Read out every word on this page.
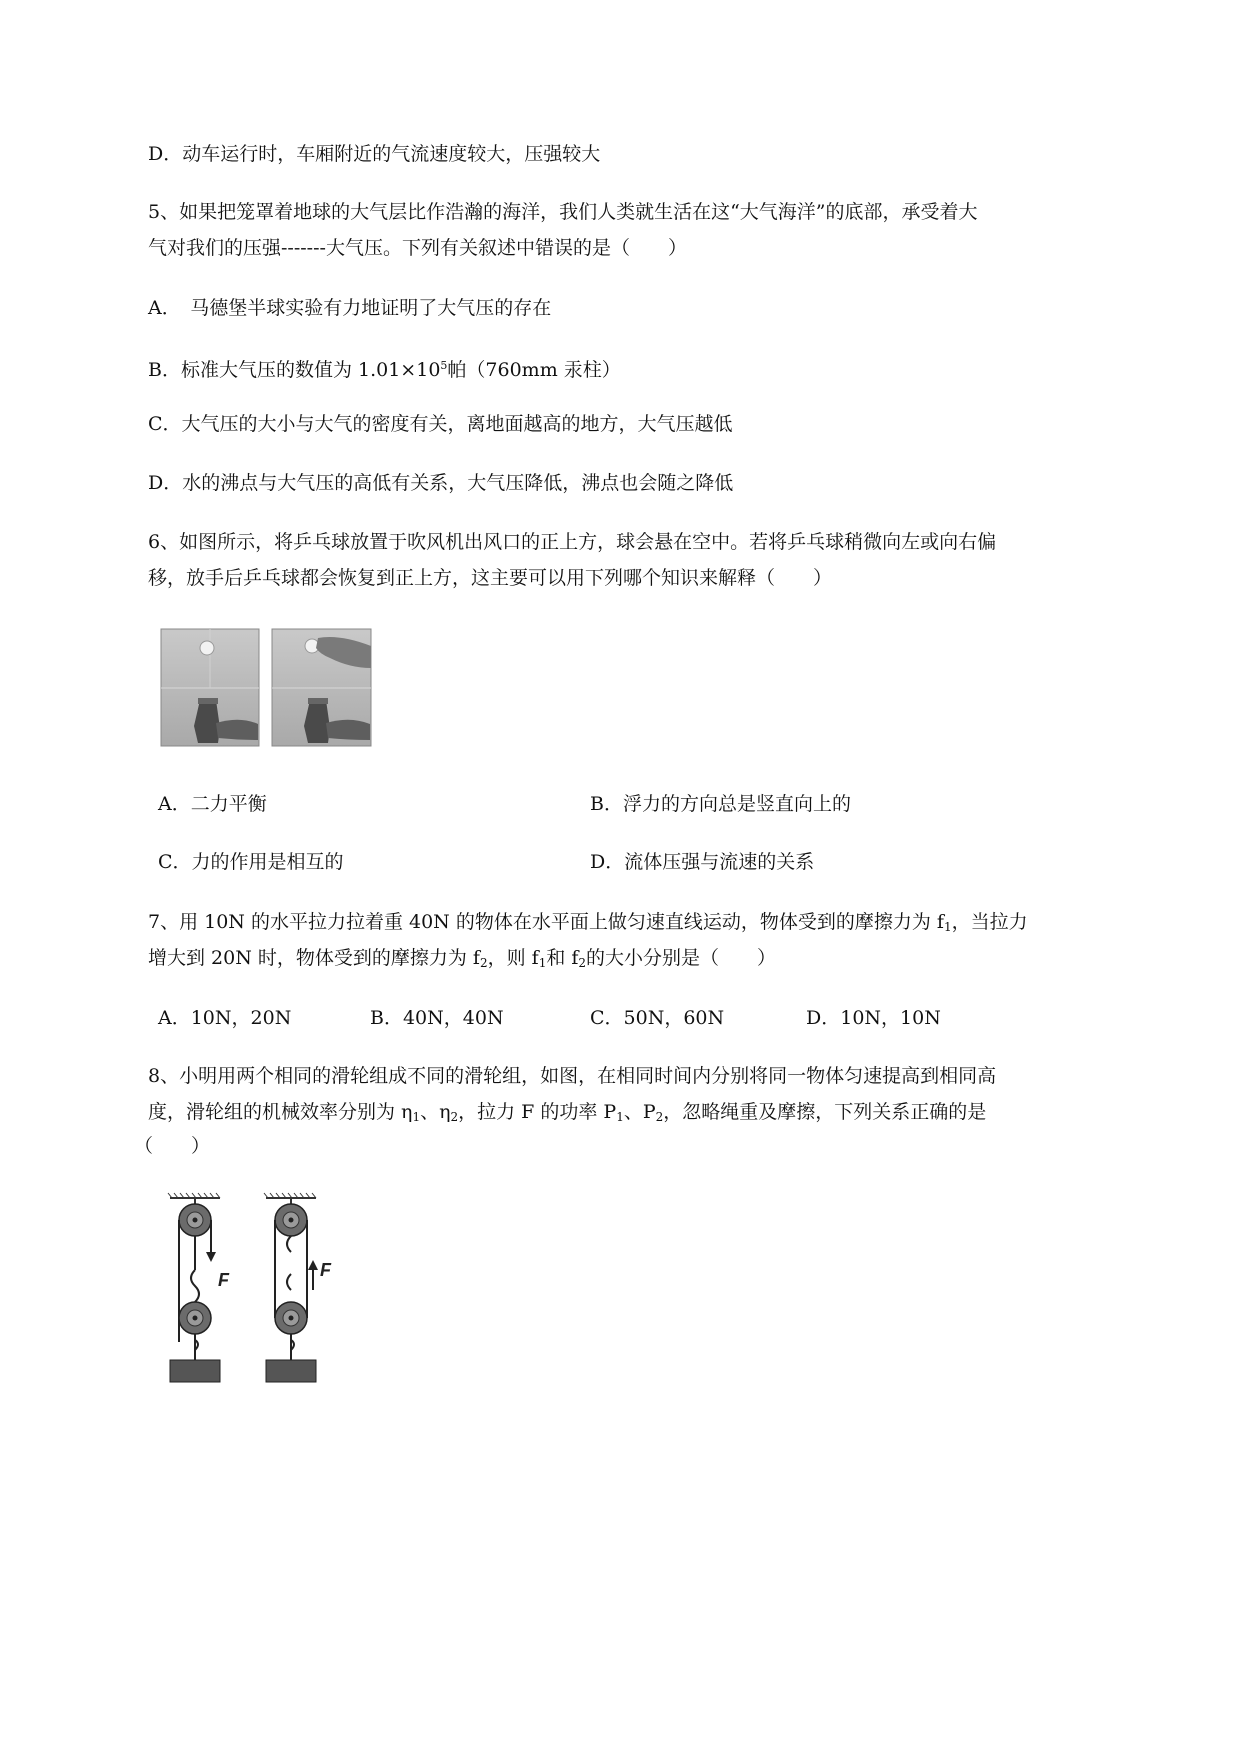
D．动车运行时，车厢附近的气流速度较大，压强较大
5、如果把笼罩着地球的大气层比作浩瀚的海洋，我们人类就生活在这“大气海洋”的底部，承受着大
气对我们的压强-------大气压。下列有关叙述中错误的是（　　）
A．　马德堡半球实验有力地证明了大气压的存在
B．标准大气压的数值为 $1.01\times 10^5$帕（760mm 汞柱）
C．大气压的大小与大气的密度有关，离地面越高的地方，大气压越低
D．水的沸点与大气压的高低有关系，大气压降低，沸点也会随之降低
6、如图所示，将乒乓球放置于吹风机出风口的正上方，球会悬在空中。若将乒乓球稍微向左或向右偏
移，放手后乒乓球都会恢复到正上方，这主要可以用下列哪个知识来解释（　　）
A．二力平衡	B．浮力的方向总是竖直向上的
C．力的作用是相互的	D．流体压强与流速的关系
7、用 10N 的水平拉力拉着重 40N 的物体在水平面上做匀速直线运动，物体受到的摩擦力为 $f_1$，当拉力
增大到 20N 时，物体受到的摩擦力为 $f_2$，则 $f_1$和 $f_2$的大小分别是（　　）
A．10N，20N	B．40N，40N	C．50N，60N	D．10N，10N
8、小明用两个相同的滑轮组成不同的滑轮组，如图，在相同时间内分别将同一物体匀速提高到相同高
度，滑轮组的机械效率分别为 $\eta_1$、$\eta_2$，拉力 F 的功率 $P_1$、$P_2$，忽略绳重及摩擦，下列关系正确的是
（　　）
F	F
